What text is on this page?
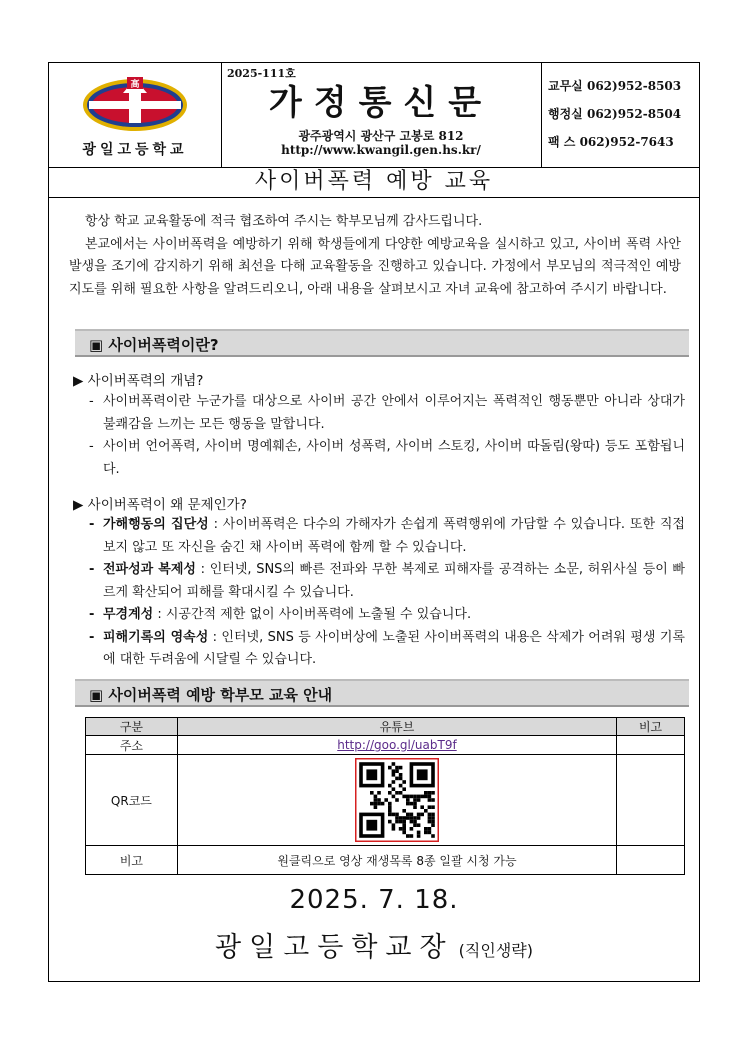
高
광일고등학교
2025-111호
가정통신문
광주광역시 광산구 고봉로 812
http://www.kwangil.gen.hs.kr/
교무실 062)952-8503
행정실 062)952-8504
팩 스 062)952-7643
사이버폭력 예방 교육

항상 학교 교육활동에 적극 협조하여 주시는 학부모님께 감사드립니다.

본교에서는 사이버폭력을 예방하기 위해 학생들에게 다양한 예방교육을 실시하고 있고, 사이버 폭력 사안 발생을 조기에 감지하기 위해 최선을 다해 교육활동을 진행하고 있습니다. 가정에서 부모님의 적극적인 예방지도를 위해 필요한 사항을 알려드리오니, 아래 내용을 살펴보시고 자녀 교육에 참고하여 주시기 바랍니다.

▣ 사이버폭력이란?
▶ 사이버폭력의 개념?
- 사이버폭력이란 누군가를 대상으로 사이버 공간 안에서 이루어지는 폭력적인 행동뿐만 아니라 상대가 불쾌감을 느끼는 모든 행동을 말합니다.
- 사이버 언어폭력, 사이버 명예훼손, 사이버 성폭력, 사이버 스토킹, 사이버 따돌림(왕따) 등도 포함됩니다.
▶ 사이버폭력이 왜 문제인가?
- 가해행동의 집단성 : 사이버폭력은 다수의 가해자가 손쉽게 폭력행위에 가담할 수 있습니다. 또한 직접 보지 않고 또 자신을 숨긴 채 사이버 폭력에 함께 할 수 있습니다.
- 전파성과 복제성 : 인터넷, SNS의 빠른 전파와 무한 복제로 피해자를 공격하는 소문, 허위사실 등이 빠르게 확산되어 피해를 확대시킬 수 있습니다.
- 무경계성 : 시공간적 제한 없이 사이버폭력에 노출될 수 있습니다.
- 피해기록의 영속성 : 인터넷, SNS 등 사이버상에 노출된 사이버폭력의 내용은 삭제가 어려워 평생 기록에 대한 두려움에 시달릴 수 있습니다.
▣ 사이버폭력 예방 학부모 교육 안내
구분	유튜브	비고
주소	http://goo.gl/uabT9f	
QR코드	

비고	원클릭으로 영상 재생목록 8종 일괄 시청 가능	
2025. 7. 18.
광일고등학교장 (직인생략)
